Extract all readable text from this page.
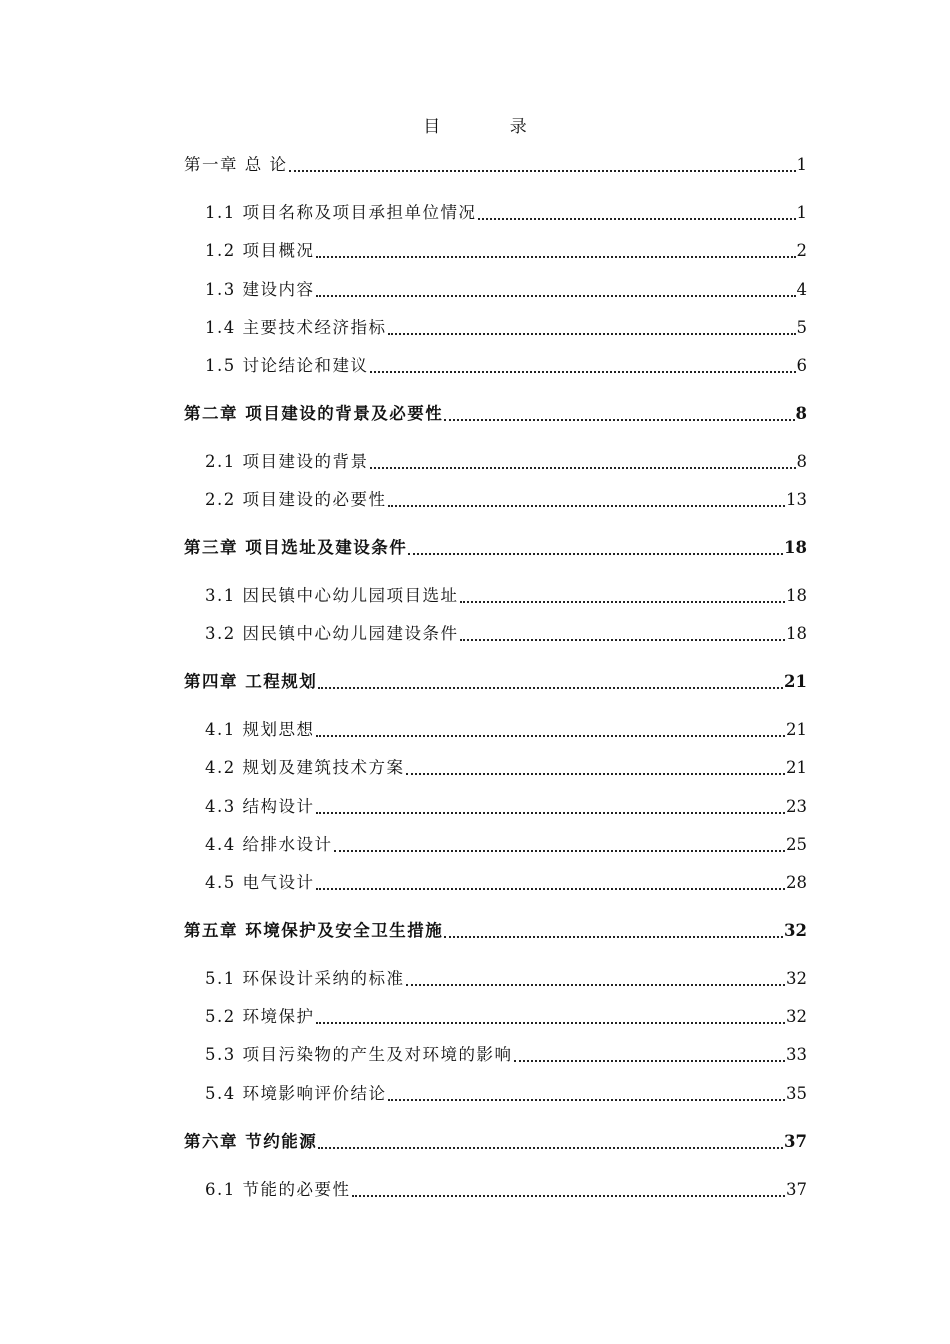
目 录
第一章 总 论	1
1.1 项目名称及项目承担单位情况	1
1.2 项目概况	2
1.3 建设内容	4
1.4 主要技术经济指标	5
1.5 讨论结论和建议	6
第二章 项目建设的背景及必要性	8
2.1 项目建设的背景	8
2.2 项目建设的必要性	13
第三章 项目选址及建设条件	18
3.1 因民镇中心幼儿园项目选址	18
3.2 因民镇中心幼儿园建设条件	18
第四章 工程规划	21
4.1 规划思想	21
4.2 规划及建筑技术方案	21
4.3 结构设计	23
4.4 给排水设计	25
4.5 电气设计	28
第五章 环境保护及安全卫生措施	32
5.1 环保设计采纳的标准	32
5.2 环境保护	32
5.3 项目污染物的产生及对环境的影响	33
5.4 环境影响评价结论	35
第六章 节约能源	37
6.1 节能的必要性	37
